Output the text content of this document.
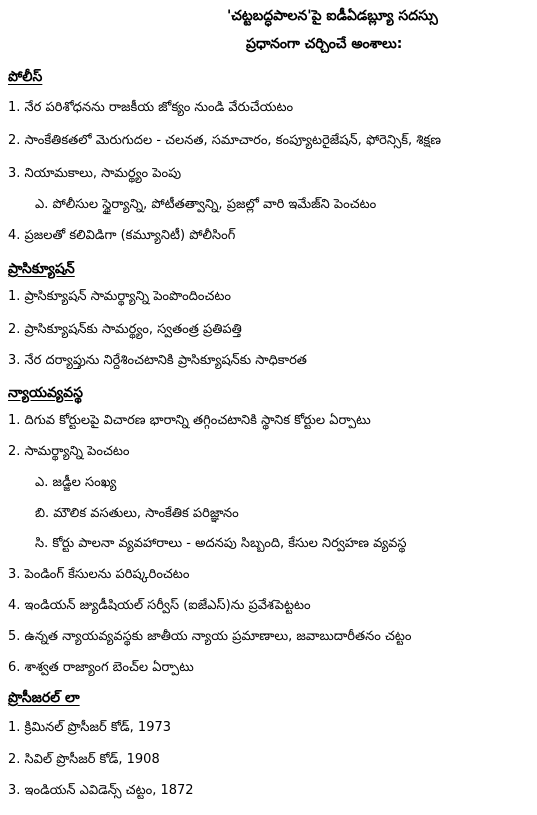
'చట్టబద్ధపాలన'పై ఐడీఏడబ్ల్యూ సదస్సు
ప్రధానంగా చర్చించే అంశాలు:
పోలీస్
1. నేర పరిశోధనను రాజకీయ జోక్యం నుండి వేరుచేయటం
2. సాంకేతికతలో మెరుగుదల - చలనత, సమాచారం, కంప్యూటరైజేషన్, ఫోరెన్సిక్, శిక్షణ
3. నియామకాలు, సామర్థ్యం పెంపు
ఎ. పోలీసుల స్థైర్యాన్ని, పోటీతత్వాన్ని, ప్రజల్లో వారి ఇమేజ్‌ని పెంచటం
4. ప్రజలతో కలివిడిగా (కమ్యూనిటీ) పోలీసింగ్
ప్రాసిక్యూషన్
1. ప్రాసిక్యూషన్ సామర్థ్యాన్ని పెంపొందించటం
2. ప్రాసిక్యూషన్‌కు సామర్థ్యం, స్వతంత్ర ప్రతిపత్తి
3. నేర దర్యాప్తును నిర్దేశించటానికి ప్రాసిక్యూషన్‌కు సాధికారత
న్యాయవ్యవస్థ
1. దిగువ కోర్టులపై విచారణ భారాన్ని తగ్గించటానికి స్థానిక కోర్టుల ఏర్పాటు
2. సామర్థ్యాన్ని పెంచటం
ఎ. జడ్జీల సంఖ్య
బి. మౌలిక వసతులు, సాంకేతిక పరిజ్ఞానం
సి. కోర్టు పాలనా వ్యవహారాలు - అదనపు సిబ్బంది, కేసుల నిర్వహణ వ్యవస్థ
3. పెండింగ్ కేసులను పరిష్కరించటం
4. ఇండియన్ జ్యుడీషియల్ సర్వీస్ (ఐజేఎస్)ను ప్రవేశపెట్టటం
5. ఉన్నత న్యాయవ్యవస్థకు జాతీయ న్యాయ ప్రమాణాలు, జవాబుదారీతనం చట్టం
6. శాశ్వత రాజ్యాంగ బెంచ్‌ల ఏర్పాటు
ప్రొసీజరల్ లా
1. క్రిమినల్ ప్రొసీజర్ కోడ్, 1973
2. సివిల్ ప్రొసీజర్ కోడ్, 1908
3. ఇండియన్ ఎవిడెన్స్ చట్టం, 1872
